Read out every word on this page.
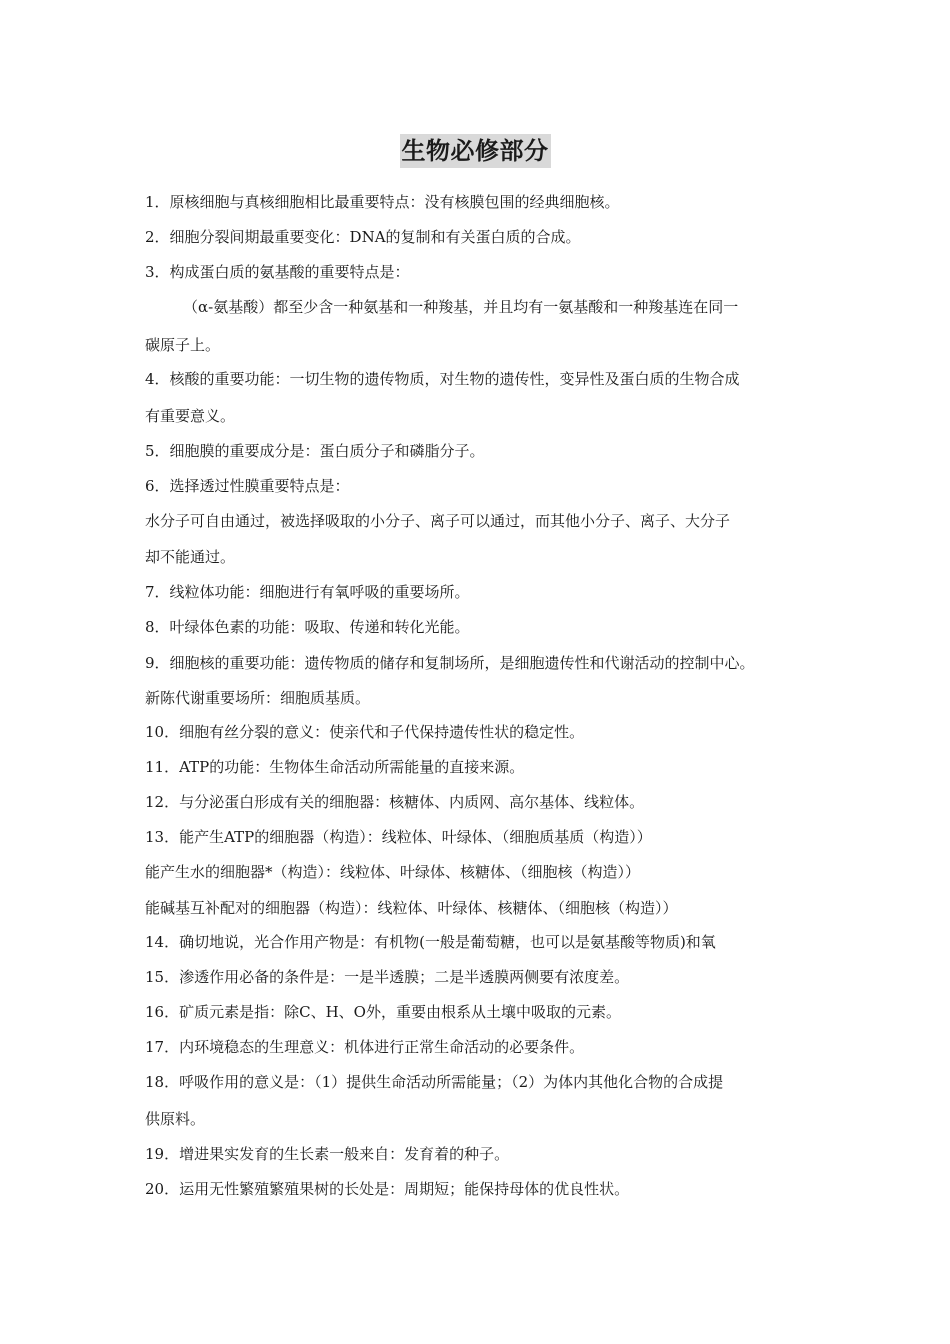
生物必修部分
1．原核细胞与真核细胞相比最重要特点：没有核膜包围的经典细胞核。
2．细胞分裂间期最重要变化：DNA的复制和有关蛋白质的合成。
3．构成蛋白质的氨基酸的重要特点是：
（α-氨基酸）都至少含一种氨基和一种羧基，并且均有一氨基酸和一种羧基连在同一
碳原子上。
4．核酸的重要功能：一切生物的遗传物质，对生物的遗传性，变异性及蛋白质的生物合成
有重要意义。
5．细胞膜的重要成分是：蛋白质分子和磷脂分子。
6．选择透过性膜重要特点是：
水分子可自由通过，被选择吸取的小分子、离子可以通过，而其他小分子、离子、大分子
却不能通过。
7．线粒体功能：细胞进行有氧呼吸的重要场所。
8．叶绿体色素的功能：吸取、传递和转化光能。
9．细胞核的重要功能：遗传物质的储存和复制场所，是细胞遗传性和代谢活动的控制中心。
新陈代谢重要场所：细胞质基质。
10．细胞有丝分裂的意义：使亲代和子代保持遗传性状的稳定性。
11．ATP的功能：生物体生命活动所需能量的直接来源。
12．与分泌蛋白形成有关的细胞器：核糖体、内质网、高尔基体、线粒体。
13．能产生ATP的细胞器（构造）：线粒体、叶绿体、（细胞质基质（构造））
能产生水的细胞器*（构造）：线粒体、叶绿体、核糖体、（细胞核（构造））
能碱基互补配对的细胞器（构造）：线粒体、叶绿体、核糖体、（细胞核（构造））
14．确切地说，光合作用产物是：有机物(一般是葡萄糖，也可以是氨基酸等物质)和氧
15．渗透作用必备的条件是：一是半透膜；二是半透膜两侧要有浓度差。
16．矿质元素是指：除C、H、O外，重要由根系从土壤中吸取的元素。
17．内环境稳态的生理意义：机体进行正常生命活动的必要条件。
18．呼吸作用的意义是：（1）提供生命活动所需能量；（2）为体内其他化合物的合成提
供原料。
19．增进果实发育的生长素一般来自：发育着的种子。
20．运用无性繁殖繁殖果树的长处是：周期短；能保持母体的优良性状。
